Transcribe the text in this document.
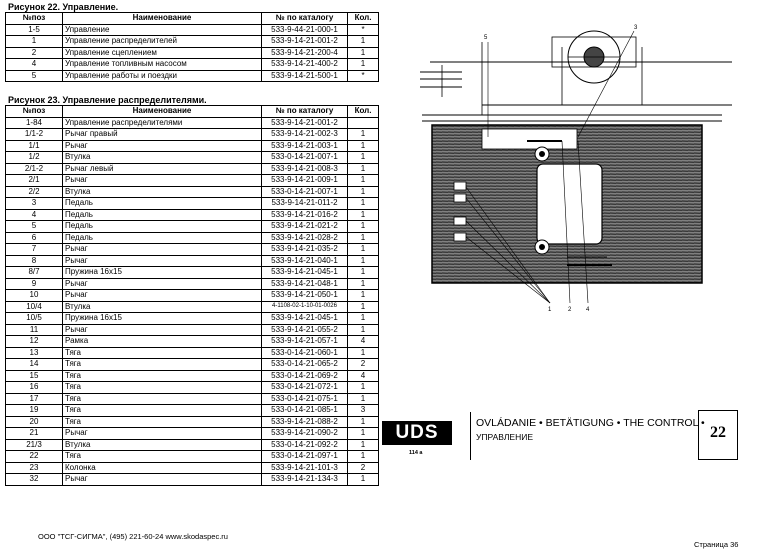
Рисунок 22. Управление.
№поз	Наименование	№ по каталогу	Кол.
1-5	Управление	533-9-44-21-000-1	*
1	Управление распределителей	533-9-14-21-001-2	1
2	Управление сцеплением	533-9-14-21-200-4	1
4	Управление топливным насосом	533-9-14-21-400-2	1
5	Управление работы и поездки	533-9-14-21-500-1	*
Рисунок 23. Управление распределителями.
№поз	Наименование	№ по каталогу	Кол.
1-84	Управление распределителями	533-9-14-21-001-2	
1/1-2	Рычаг правый	533-9-14-21-002-3	1
1/1	Рычаг	533-9-14-21-003-1	1
1/2	Втулка	533-0-14-21-007-1	1
2/1-2	Рычаг левый	533-9-14-21-008-3	1
2/1	Рычаг	533-9-14-21-009-1	1
2/2	Втулка	533-0-14-21-007-1	1
3	Педаль	533-9-14-21-011-2	1
4	Педаль	533-9-14-21-016-2	1
5	Педаль	533-9-14-21-021-2	1
6	Педаль	533-9-14-21-028-2	1
7	Рычаг	533-9-14-21-035-2	1
8	Рычаг	533-9-14-21-040-1	1
8/7	Пружина 16х15	533-9-14-21-045-1	1
9	Рычаг	533-9-14-21-048-1	1
10	Рычаг	533-9-14-21-050-1	1
10/4	Втулка	4-1108-02-1-10-01-0026	1
10/5	Пружина 16х15	533-9-14-21-045-1	1
11	Рычаг	533-9-14-21-055-2	1
12	Рамка	533-9-14-21-057-1	4
13	Тяга	533-0-14-21-060-1	1
14	Тяга	533-0-14-21-065-2	2
15	Тяга	533-0-14-21-069-2	4
16	Тяга	533-0-14-21-072-1	1
17	Тяга	533-0-14-21-075-1	1
19	Тяга	533-0-14-21-085-1	3
20	Тяга	533-9-14-21-088-2	1
21	Рычаг	533-9-14-21-090-2	1
21/3	Втулка	533-0-14-21-092-2	1
22	Тяга	533-0-14-21-097-1	1
23	Колонка	533-9-14-21-101-3	2
32	Рычаг	533-9-14-21-134-3	1
5
3
1	2 4
UDS
114 a
OVLÁDANIE • BETÄTIGUNG • THE CONTROL •
УПРАВЛЕНИЕ	22
ООО "ТСГ-СИГМА", (495) 221-60-24 www.skodaspec.ru
Страница 36
